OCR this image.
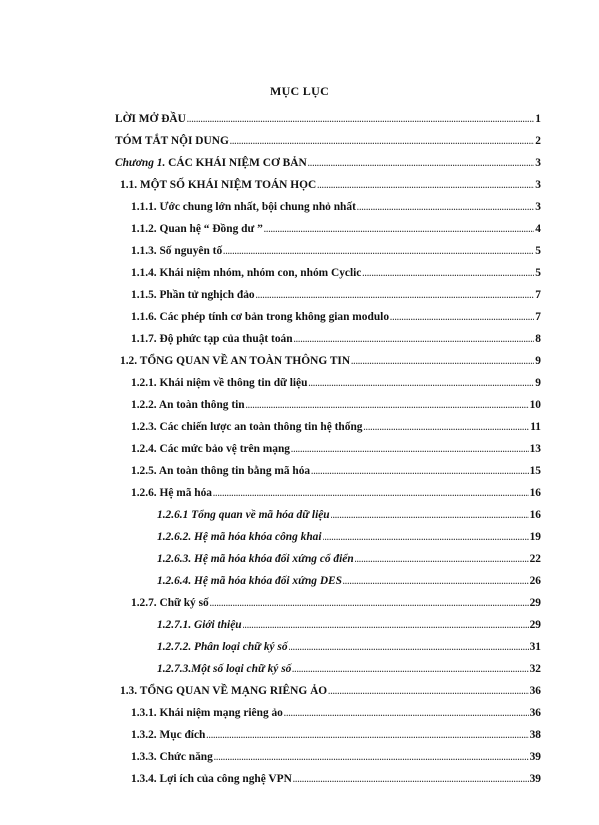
MỤC LỤC
LỜI MỞ ĐẦU .....	1
TÓM TẮT NỘI DUNG .....	2
Chương 1. CÁC KHÁI NIỆM CƠ BẢN .....	3
1.1. MỘT SỐ KHÁI NIỆM TOÁN HỌC .....	3
1.1.1. Ước chung lớn nhất, bội chung nhỏ nhất .....	3
1.1.2. Quan hệ “ Đồng dư ” .....	4
1.1.3. Số nguyên tố .....	5
1.1.4. Khái niệm nhóm, nhóm con, nhóm Cyclic .....	5
1.1.5. Phần tử nghịch đảo .....	7
1.1.6. Các phép tính cơ bản trong không gian modulo .....	7
1.1.7. Độ phức tạp của thuật toán .....	8
1.2. TỔNG QUAN VỀ AN TOÀN THÔNG TIN .....	9
1.2.1. Khái niệm về thông tin dữ liệu .....	9
1.2.2. An toàn thông tin .....	10
1.2.3. Các chiến lược an toàn thông tin hệ thống .....	11
1.2.4. Các mức bảo vệ trên mạng .....	13
1.2.5. An toàn thông tin bằng mã hóa .....	15
1.2.6. Hệ mã hóa .....	16
1.2.6.1 Tổng quan về mã hóa dữ liệu .....	16
1.2.6.2. Hệ mã hóa khóa công khai .....	19
1.2.6.3. Hệ mã hóa khóa đối xứng cổ điển .....	22
1.2.6.4. Hệ mã hóa khóa đối xứng DES .....	26
1.2.7. Chữ ký số .....	29
1.2.7.1. Giới thiệu .....	29
1.2.7.2. Phân loại chữ ký số .....	31
1.2.7.3.Một số loại chữ ký số .....	32
1.3. TỔNG QUAN VỀ MẠNG RIÊNG ẢO .....	36
1.3.1. Khái niệm mạng riêng ảo .....	36
1.3.2. Mục đích .....	38
1.3.3. Chức năng .....	39
1.3.4. Lợi ích của công nghệ VPN .....	39
